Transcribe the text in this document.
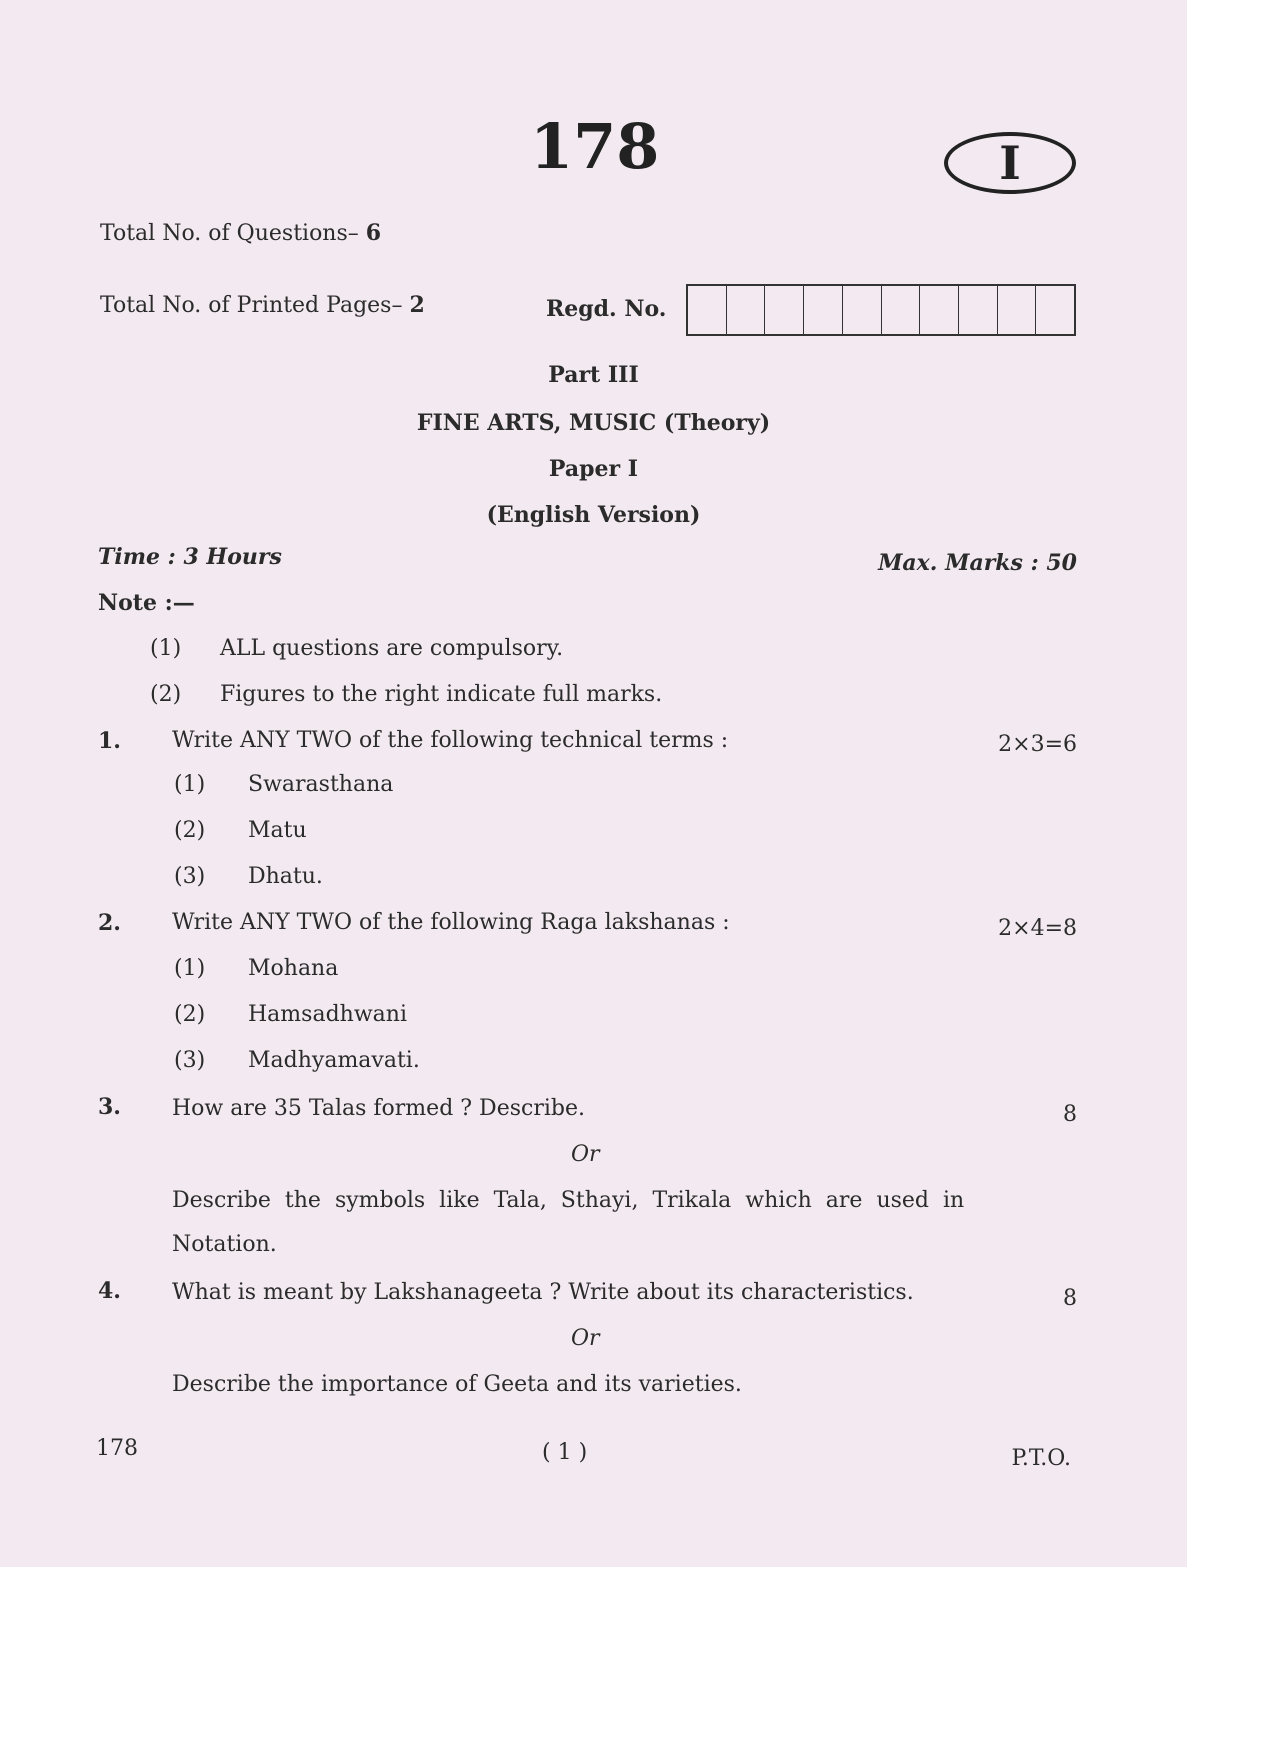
178	I
Total No. of Questions– 6
Total No. of Printed Pages– 2	Regd. No.
Part III
FINE ARTS, MUSIC (Theory)
Paper I
(English Version)
Time : 3 Hours	Max. Marks : 50
Note :—
(1) ALL questions are compulsory.
(2) Figures to the right indicate full marks.
1. Write ANY TWO of the following technical terms :	2×3=6
(1) Swarasthana
(2) Matu
(3) Dhatu.
2. Write ANY TWO of the following Raga lakshanas :	2×4=8
(1) Mohana
(2) Hamsadhwani
(3) Madhyamavati.
3. How are 35 Talas formed ? Describe.	8
Or
Describe the symbols like Tala, Sthayi, Trikala which are used in
Notation.
4. What is meant by Lakshanageeta ? Write about its characteristics.	8
Or
Describe the importance of Geeta and its varieties.
178	( 1 )	P.T.O.
